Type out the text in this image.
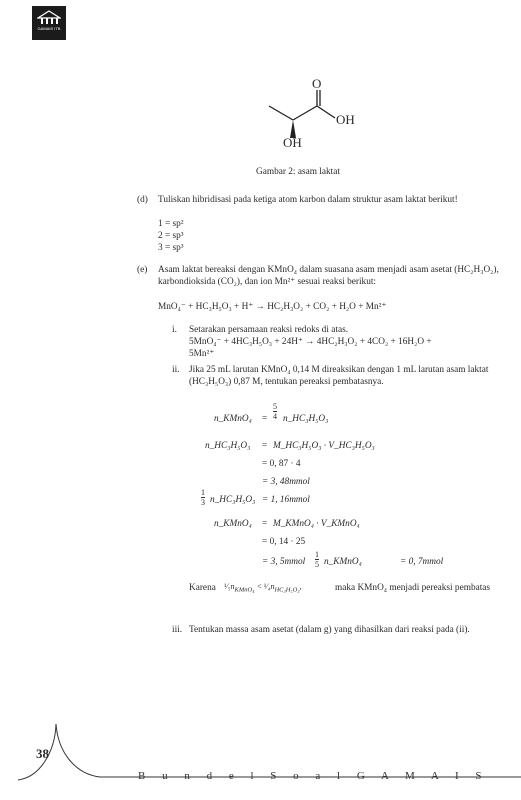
GAMAIS ITB
O
OH
OH
Gambar 2: asam laktat
(d) Tuliskan hibridisasi pada ketiga atom karbon dalam struktur asam laktat berikut!
1 = sp²
2 = sp³
3 = sp³
(e) Asam laktat bereaksi dengan KMnO₄ dalam suasana asam menjadi asam asetat (HC₂H₃O₂), karbondioksida (CO₂), dan ion Mn²⁺ sesuai reaksi berikut:
MnO₄⁻ + HC₃H₅O₃ + H⁺ → HC₂H₃O₂ + CO₂ + H₂O + Mn²⁺
i. Setarakan persamaan reaksi redoks di atas.
5MnO₄⁻ + 4HC₃H₅O₃ + 24H⁺ → 4HC₂H₃O₂ + 4CO₂ + 16H₂O +
5Mn²⁺
ii. Jika 25 mL larutan KMnO₄ 0,14 M direaksikan dengan 1 mL larutan asam laktat (HC₃H₅O₃) 0,87 M, tentukan pereaksi pembatasnya.
n_KMnO₄ = $\frac{5}{4}$ n_HC₃H₅O₃
n_HC₃H₅O₃ = M_HC₃H₅O₃ · V_HC₃H₅O₃
= 0, 87 · 4
= 3, 48mmol
$\frac{1}{3}$ n_HC₃H₅O₃ = 1, 16mmol
n_KMnO₄ = M_KMnO₄ · V_KMnO₄
= 0, 14 · 25
= 3, 5mmol $\frac{1}{5}$ n_KMnO₄	= 0, 7mmol
Karena $^1⁄_5n_{KMnO_4}$ < $^1⁄_4n_{HC_3H_5O_3}$,	maka KMnO₄ menjadi pereaksi pembatas
iii. Tentukan massa asam asetat (dalam g) yang dihasilkan dari reaksi pada (ii).
38
B u n d e l S o a l G A M A I S
